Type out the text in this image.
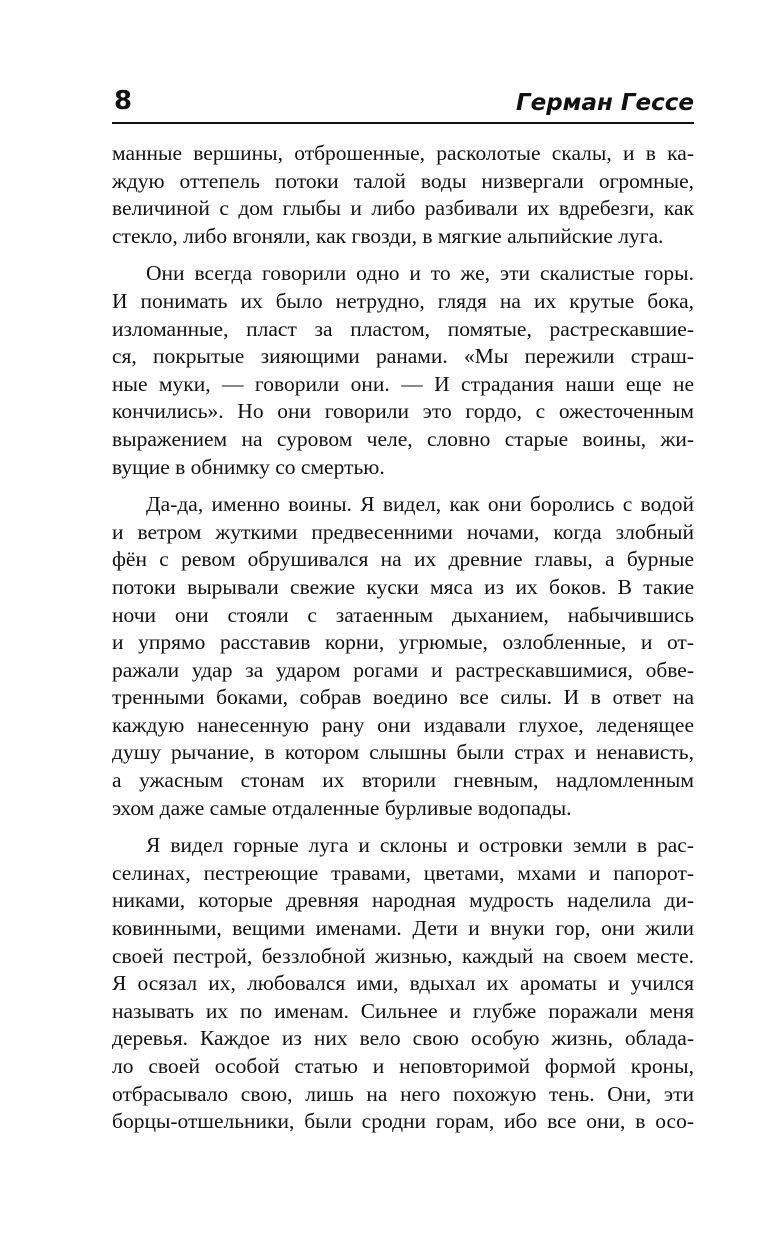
8	Герман Гессе
манные вершины, отброшенные, расколотые скалы, и в ка-
ждую оттепель потоки талой воды низвергали огромные,
величиной с дом глыбы и либо разбивали их вдребезги, как
стекло, либо вгоняли, как гвозди, в мягкие альпийские луга.
Они всегда говорили одно и то же, эти скалистые горы.
И понимать их было нетрудно, глядя на их крутые бока,
изломанные, пласт за пластом, помятые, растрескавшие-
ся, покрытые зияющими ранами. «Мы пережили страш-
ные муки, — говорили они. — И страдания наши еще не
кончились». Но они говорили это гордо, с ожесточенным
выражением на суровом челе, словно старые воины, жи-
вущие в обнимку со смертью.
Да-да, именно воины. Я видел, как они боролись с водой
и ветром жуткими предвесенними ночами, когда злобный
фён с ревом обрушивался на их древние главы, а бурные
потоки вырывали свежие куски мяса из их боков. В такие
ночи они стояли с затаенным дыханием, набычившись
и упрямо расставив корни, угрюмые, озлобленные, и от-
ражали удар за ударом рогами и растрескавшимися, обве-
тренными боками, собрав воедино все силы. И в ответ на
каждую нанесенную рану они издавали глухое, леденящее
душу рычание, в котором слышны были страх и ненависть,
а ужасным стонам их вторили гневным, надломленным
эхом даже самые отдаленные бурливые водопады.
Я видел горные луга и склоны и островки земли в рас-
селинах, пестреющие травами, цветами, мхами и папорот-
никами, которые древняя народная мудрость наделила ди-
ковинными, вещими именами. Дети и внуки гор, они жили
своей пестрой, беззлобной жизнью, каждый на своем месте.
Я осязал их, любовался ими, вдыхал их ароматы и учился
называть их по именам. Сильнее и глубже поражали меня
деревья. Каждое из них вело свою особую жизнь, облада-
ло своей особой статью и неповторимой формой кроны,
отбрасывало свою, лишь на него похожую тень. Они, эти
борцы-отшельники, были сродни горам, ибо все они, в осо-
